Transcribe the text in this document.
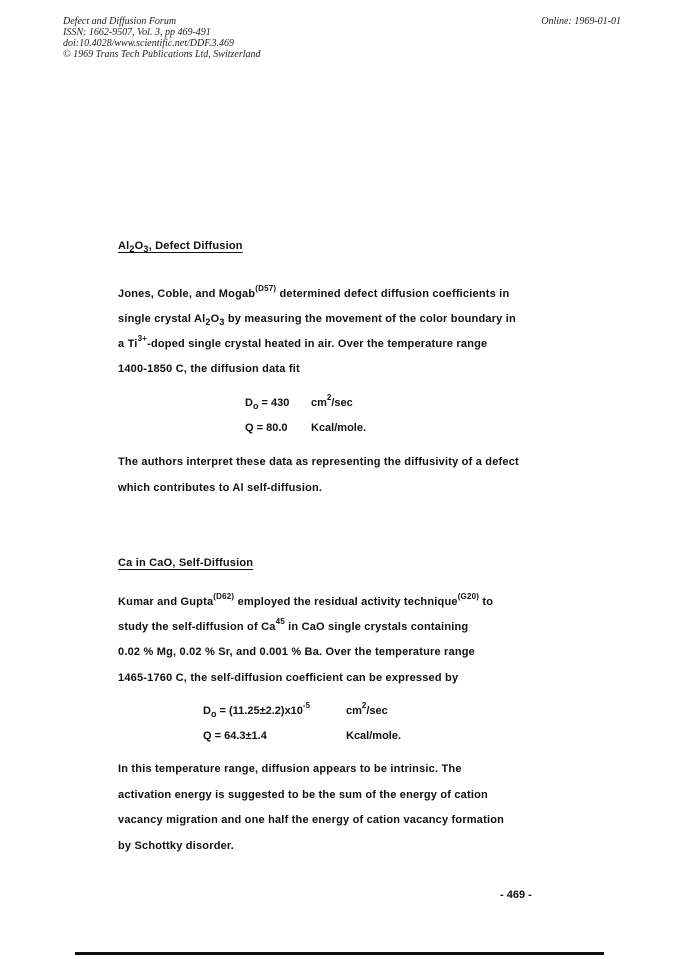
Defect and Diffusion Forum
ISSN: 1662-9507, Vol. 3, pp 469-491
doi:10.4028/www.scientific.net/DDF.3.469
© 1969 Trans Tech Publications Ltd, Switzerland
Online: 1969-01-01
$Al_2O_3$, Defect Diffusion
Jones, Coble, and Mogab$^{(D57)}$ determined defect diffusion coefficients in
single crystal $Al_2O_3$ by measuring the movement of the color boundary in
a $Ti^{3+}$-doped single crystal heated in air. Over the temperature range
1400-1850 C, the diffusion data fit
$D_o = 430$ $cm^2/\sec$
Q = 80.0 Kcal/mole.
The authors interpret these data as representing the diffusivity of a defect
which contributes to Al self-diffusion.
Ca in CaO, Self-Diffusion
Kumar and Gupta$^{(D62)}$ employed the residual activity technique$^{(G20)}$ to
study the self-diffusion of Ca$^{45}$ in CaO single crystals containing
0.02 % Mg, 0.02 % Sr, and 0.001 % Ba. Over the temperature range
1465-1760 C, the self-diffusion coefficient can be expressed by
$D_o = (11.25\pm 2.2)x10^{-5}$	$cm^2/\sec$
Q = 64.3±1.4	Kcal/mole.
In this temperature range, diffusion appears to be intrinsic. The
activation energy is suggested to be the sum of the energy of cation
vacancy migration and one half the energy of cation vacancy formation
by Schottky disorder.
- 469 -
